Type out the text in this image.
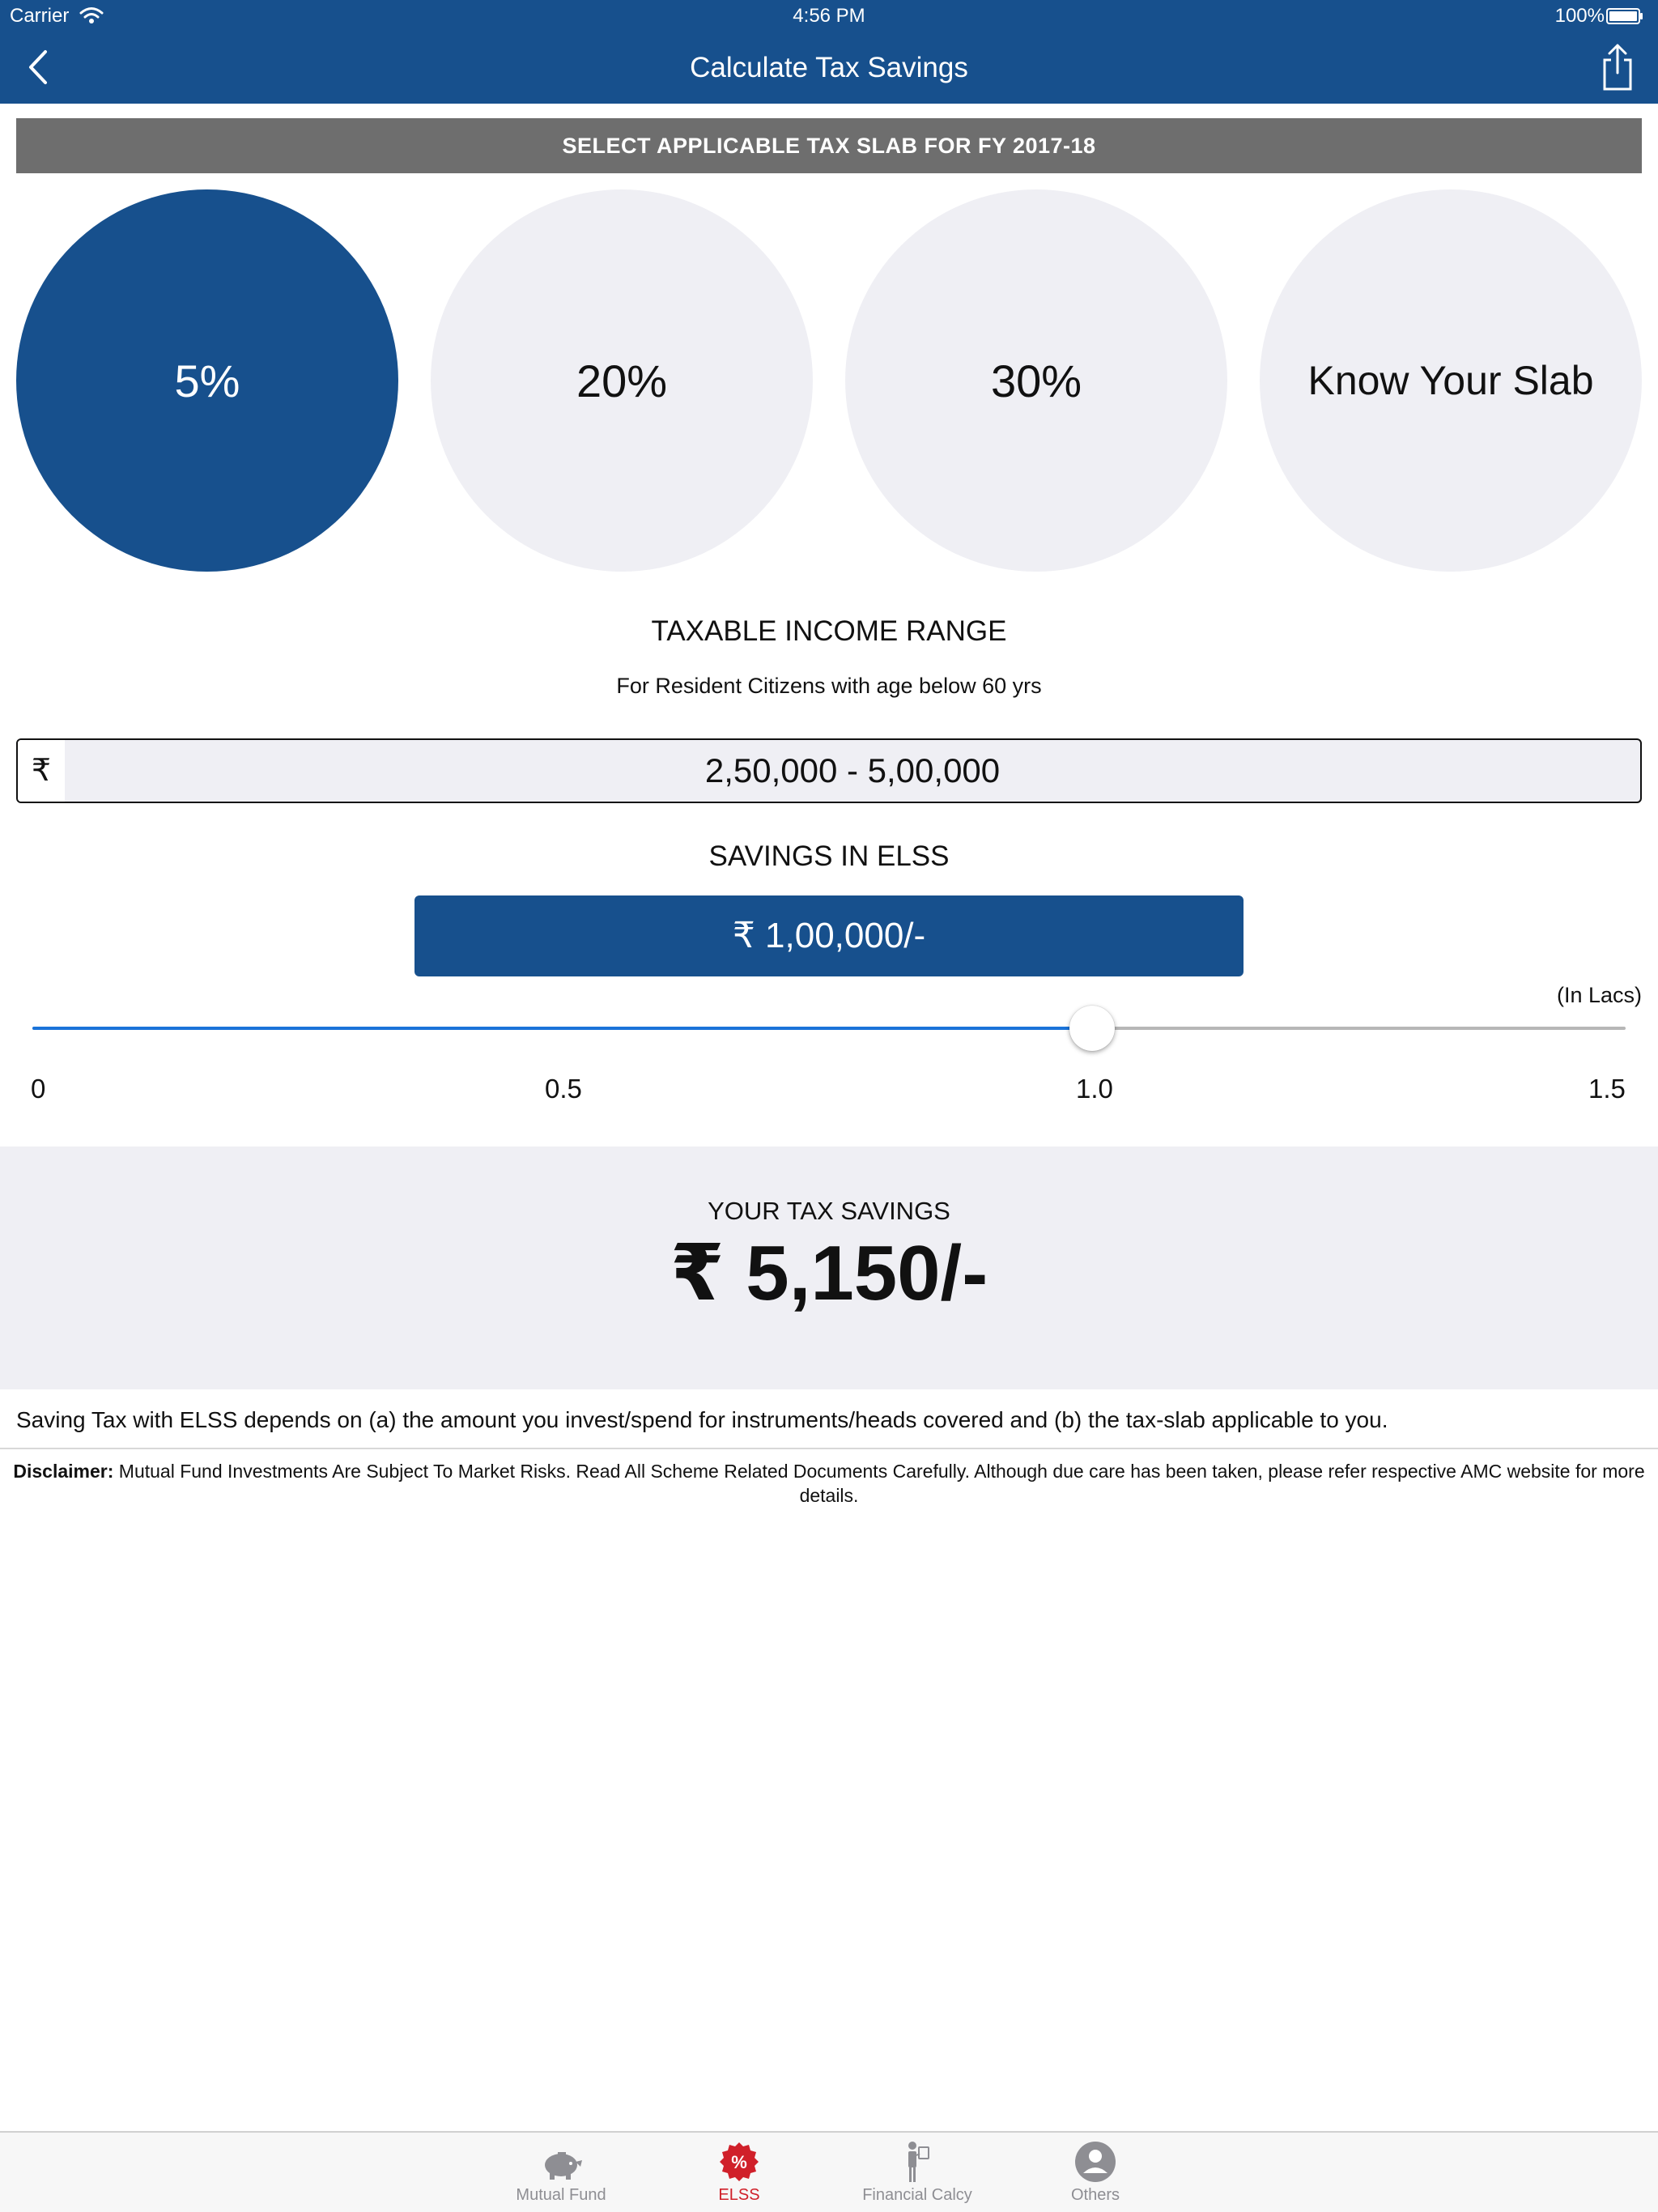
Carrier	4:56 PM	100%
Calculate Tax Savings
SELECT APPLICABLE TAX SLAB FOR FY 2017-18
5%	20%	30%	Know Your Slab
TAXABLE INCOME RANGE
For Resident Citizens with age below 60 yrs
₹	2,50,000 - 5,00,000
SAVINGS IN ELSS
₹ 1,00,000/-
(In Lacs)
0	0.5	1.0	1.5
YOUR TAX SAVINGS
₹ 5,150/-
Saving Tax with ELSS depends on (a) the amount you invest/spend for instruments/heads covered and (b) the tax-slab applicable to you.
Disclaimer: Mutual Fund Investments Are Subject To Market Risks. Read All Scheme Related Documents Carefully. Although due care has been taken, please refer respective AMC website for more details.
Mutual Fund
%
ELSS	Financial Calcy	Others
